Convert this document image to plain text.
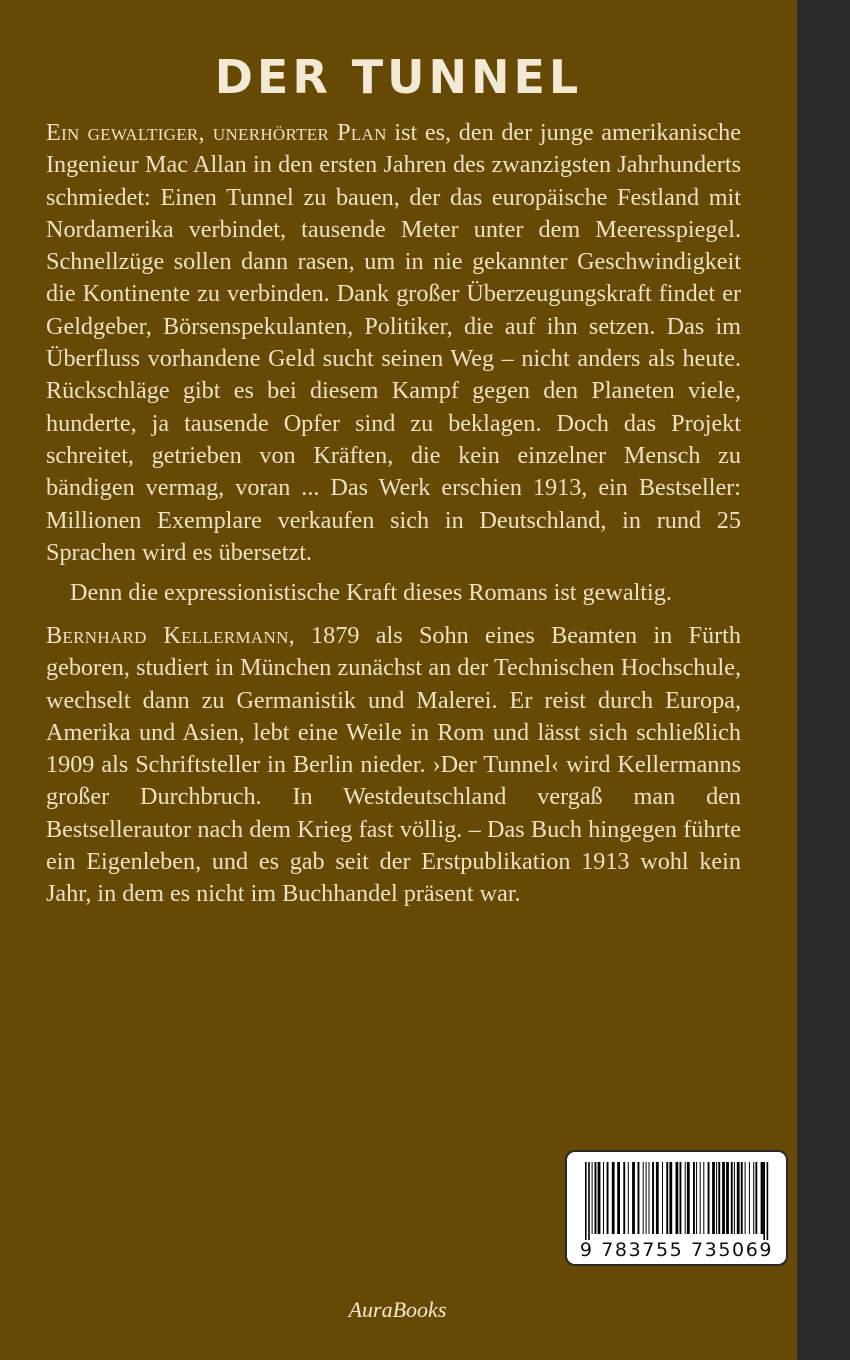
DER TUNNEL

Ein gewaltiger, unerhörter Plan ist es, den der junge amerikanische Ingenieur Mac Allan in den ersten Jahren des zwanzigsten Jahrhunderts schmiedet: Einen Tunnel zu bauen, der das europäische Festland mit Nordamerika verbindet, tausende Meter unter dem Meeresspiegel. Schnellzüge sollen dann rasen, um in nie gekannter Geschwindigkeit die Kontinente zu verbinden. Dank großer Überzeugungskraft findet er Geldgeber, Börsenspekulanten, Politiker, die auf ihn setzen. Das im Überfluss vorhandene Geld sucht seinen Weg – nicht anders als heute. Rückschläge gibt es bei diesem Kampf gegen den Planeten viele, hunderte, ja tausende Opfer sind zu beklagen. Doch das Projekt schreitet, getrieben von Kräften, die kein einzelner Mensch zu bändigen vermag, voran ... Das Werk erschien 1913, ein Bestseller: Millionen Exemplare verkaufen sich in Deutschland, in rund 25 Sprachen wird es übersetzt.

Denn die expressionistische Kraft dieses Romans ist gewaltig.

Bernhard Kellermann, 1879 als Sohn eines Beamten in Fürth geboren, studiert in München zunächst an der Technischen Hochschule, wechselt dann zu Germanistik und Malerei. Er reist durch Europa, Amerika und Asien, lebt eine Weile in Rom und lässt sich schließlich 1909 als Schriftsteller in Berlin nieder. ›Der Tunnel‹ wird Kellermanns großer Durchbruch. In Westdeutschland vergaß man den Bestsellerautor nach dem Krieg fast völlig. – Das Buch hingegen führte ein Eigenleben, und es gab seit der Erstpublikation 1913 wohl kein Jahr, in dem es nicht im Buchhandel präsent war.

9 783755 735069
AuraBooks
